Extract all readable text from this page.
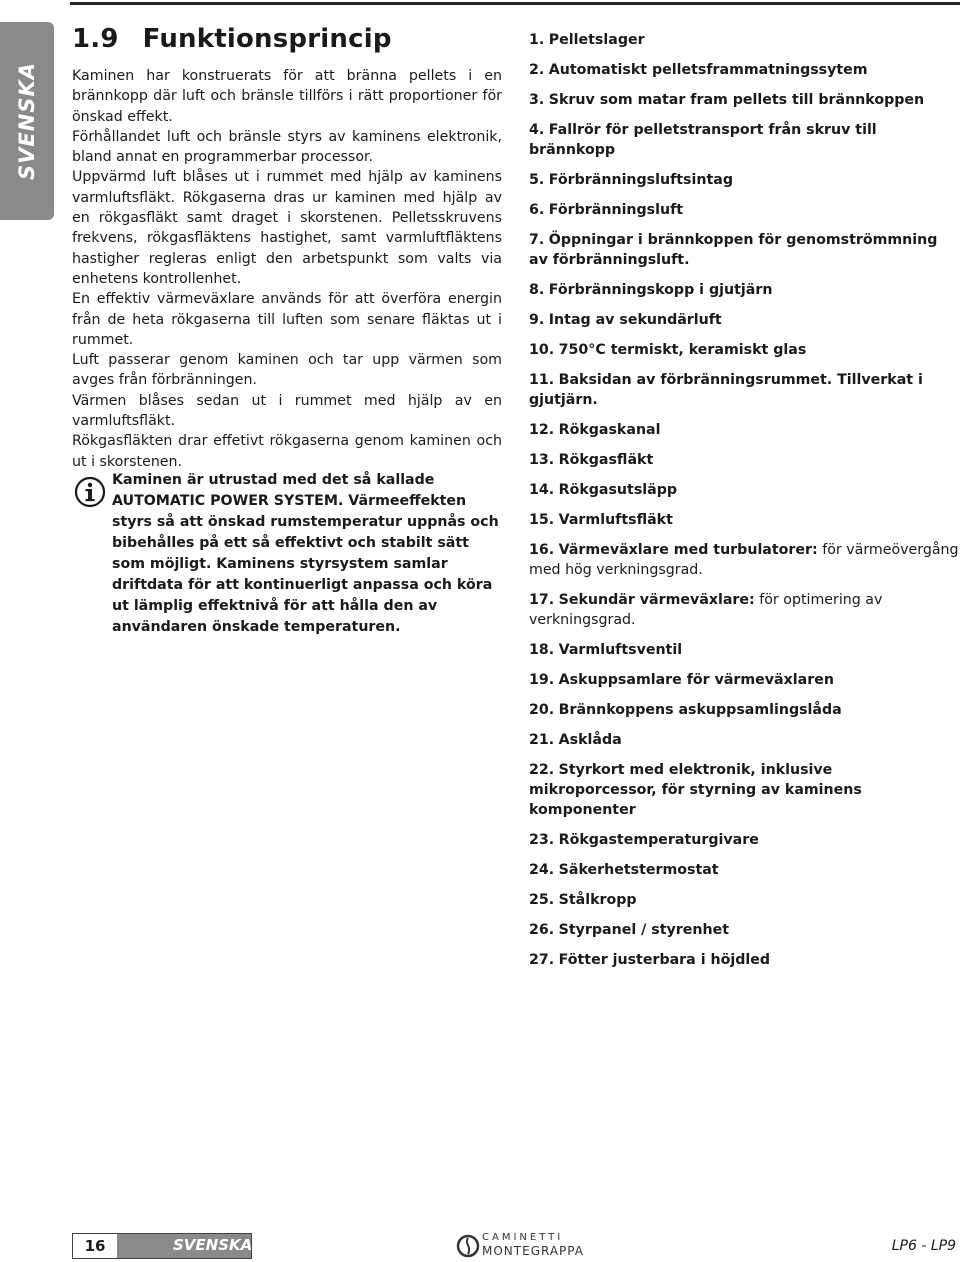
SVENSKA
1.9 Funktionsprincip

Kaminen har konstruerats för att bränna pellets i en brännkopp där luft och bränsle tillförs i rätt proportioner för önskad effekt.

Förhållandet luft och bränsle styrs av kaminens elektronik, bland annat en programmerbar processor.

Uppvärmd luft blåses ut i rummet med hjälp av kaminens varmluftsfläkt. Rökgaserna dras ur kaminen med hjälp av en rökgasfläkt samt draget i skorstenen. Pelletsskruvens frekvens, rökgasfläktens hastighet, samt varmluftfläktens hastigher regleras enligt den arbetspunkt som valts via enhetens kontrollenhet.

En effektiv värmeväxlare används för att överföra energin från de heta rökgaserna till luften som senare fläktas ut i rummet.

Luft passerar genom kaminen och tar upp värmen som avges från förbränningen.

Värmen blåses sedan ut i rummet med hjälp av en varmluftsfläkt.

Rökgasfläkten drar effetivt rökgaserna genom kaminen och ut i skorstenen.

Kaminen är utrustad med det så kallade AUTOMATIC POWER SYSTEM. Värmeeffekten styrs så att önskad rumstemperatur uppnås och bibehålles på ett så effektivt och stabilt sätt som möjligt. Kaminens styrsystem samlar driftdata för att kontinuerligt anpassa och köra ut lämplig effektnivå för att hålla den av användaren önskade temperaturen.
1. Pelletslager
2. Automatiskt pelletsframmatningssytem
3. Skruv som matar fram pellets till brännkoppen
4. Fallrör för pelletstransport från skruv till brännkopp
5. Förbränningsluftsintag
6. Förbränningsluft
7. Öppningar i brännkoppen för genomströmmning av förbränningsluft.
8. Förbränningskopp i gjutjärn
9. Intag av sekundärluft
10. 750°C termiskt, keramiskt glas
11. Baksidan av förbränningsrummet. Tillverkat i gjutjärn.
12. Rökgaskanal
13. Rökgasfläkt
14. Rökgasutsläpp
15. Varmluftsfläkt
16. Värmeväxlare med turbulatorer: för värmeövergång med hög verkningsgrad.
17. Sekundär värmeväxlare: för optimering av verkningsgrad.
18. Varmluftsventil
19. Askuppsamlare för värmeväxlaren
20. Brännkoppens askuppsamlingslåda
21. Asklåda
22. Styrkort med elektronik, inklusive mikroporcessor, för styrning av kaminens komponenter
23. Rökgastemperaturgivare
24. Säkerhetstermostat
25. Stålkropp
26. Styrpanel / styrenhet
27. Fötter justerbara i höjdled
16	SVENSKA	CAMINETTI
MONTEGRAPPA	LP6 - LP9
